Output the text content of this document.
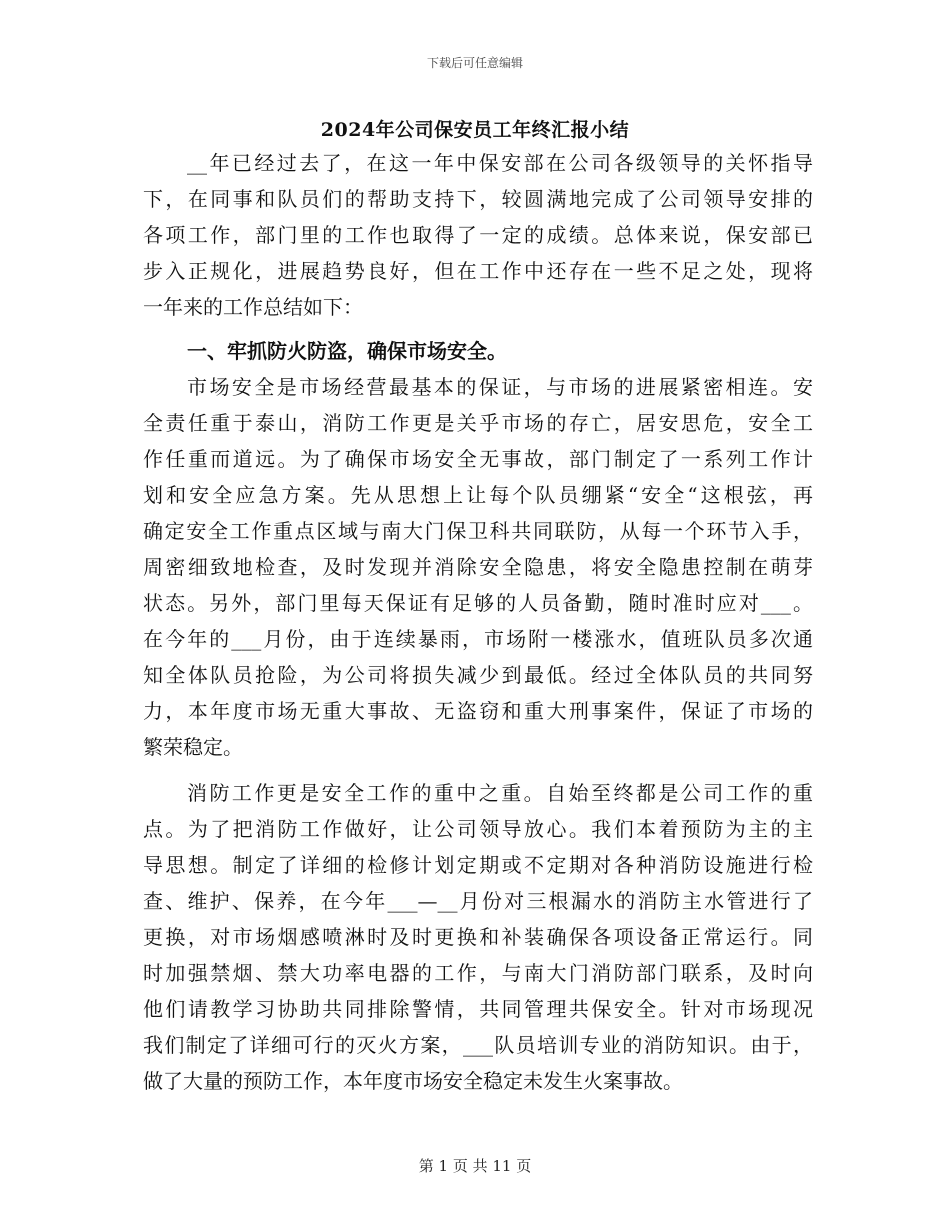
下载后可任意编辑
2024年公司保安员工年终汇报小结
__年已经过去了，在这一年中保安部在公司各级领导的关怀指导
下，在同事和队员们的帮助支持下，较圆满地完成了公司领导安排的
各项工作，部门里的工作也取得了一定的成绩。总体来说，保安部已
步入正规化，进展趋势良好，但在工作中还存在一些不足之处，现将
一年来的工作总结如下：
一、牢抓防火防盗，确保市场安全。
市场安全是市场经营最基本的保证，与市场的进展紧密相连。安
全责任重于泰山，消防工作更是关乎市场的存亡，居安思危，安全工
作任重而道远。为了确保市场安全无事故，部门制定了一系列工作计
划和安全应急方案。先从思想上让每个队员绷紧“安全“这根弦，再
确定安全工作重点区域与南大门保卫科共同联防，从每一个环节入手，
周密细致地检查，及时发现并消除安全隐患，将安全隐患控制在萌芽
状态。另外，部门里每天保证有足够的人员备勤，随时准时应对___。
在今年的___月份，由于连续暴雨，市场附一楼涨水，值班队员多次通
知全体队员抢险，为公司将损失减少到最低。经过全体队员的共同努
力，本年度市场无重大事故、无盗窃和重大刑事案件，保证了市场的
繁荣稳定。
消防工作更是安全工作的重中之重。自始至终都是公司工作的重
点。为了把消防工作做好，让公司领导放心。我们本着预防为主的主
导思想。制定了详细的检修计划定期或不定期对各种消防设施进行检
查、维护、保养，在今年___—__月份对三根漏水的消防主水管进行了
更换，对市场烟感喷淋时及时更换和补装确保各项设备正常运行。同
时加强禁烟、禁大功率电器的工作，与南大门消防部门联系，及时向
他们请教学习协助共同排除警情，共同管理共保安全。针对市场现况
我们制定了详细可行的灭火方案，___队员培训专业的消防知识。由于，
做了大量的预防工作，本年度市场安全稳定未发生火案事故。
第 1 页 共 11 页
